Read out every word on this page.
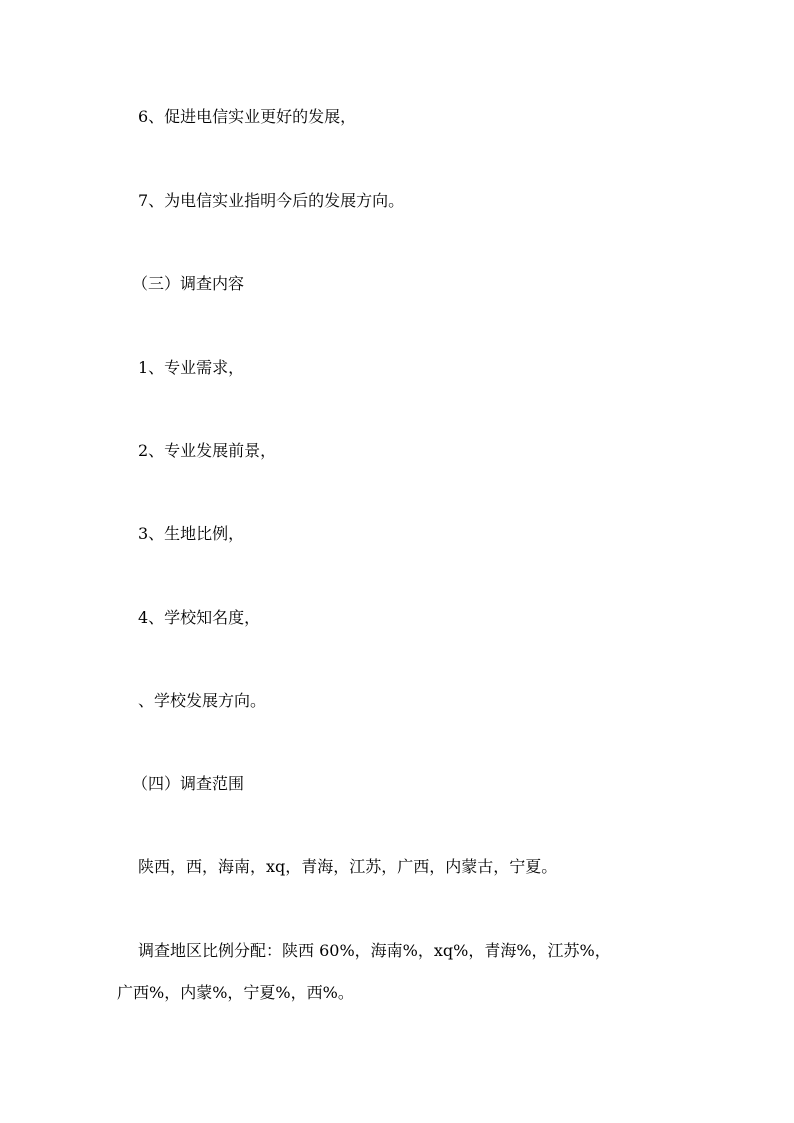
6、促进电信实业更好的发展，
7、为电信实业指明今后的发展方向。
（三）调查内容
1、专业需求，
2、专业发展前景，
3、生地比例，
4、学校知名度，
、学校发展方向。
（四）调查范围
陕西，西，海南，xq，青海，江苏，广西，内蒙古，宁夏。
调查地区比例分配：陕西 60%，海南%，xq%，青海%，江苏%，
广西%，内蒙%，宁夏%，西%。
